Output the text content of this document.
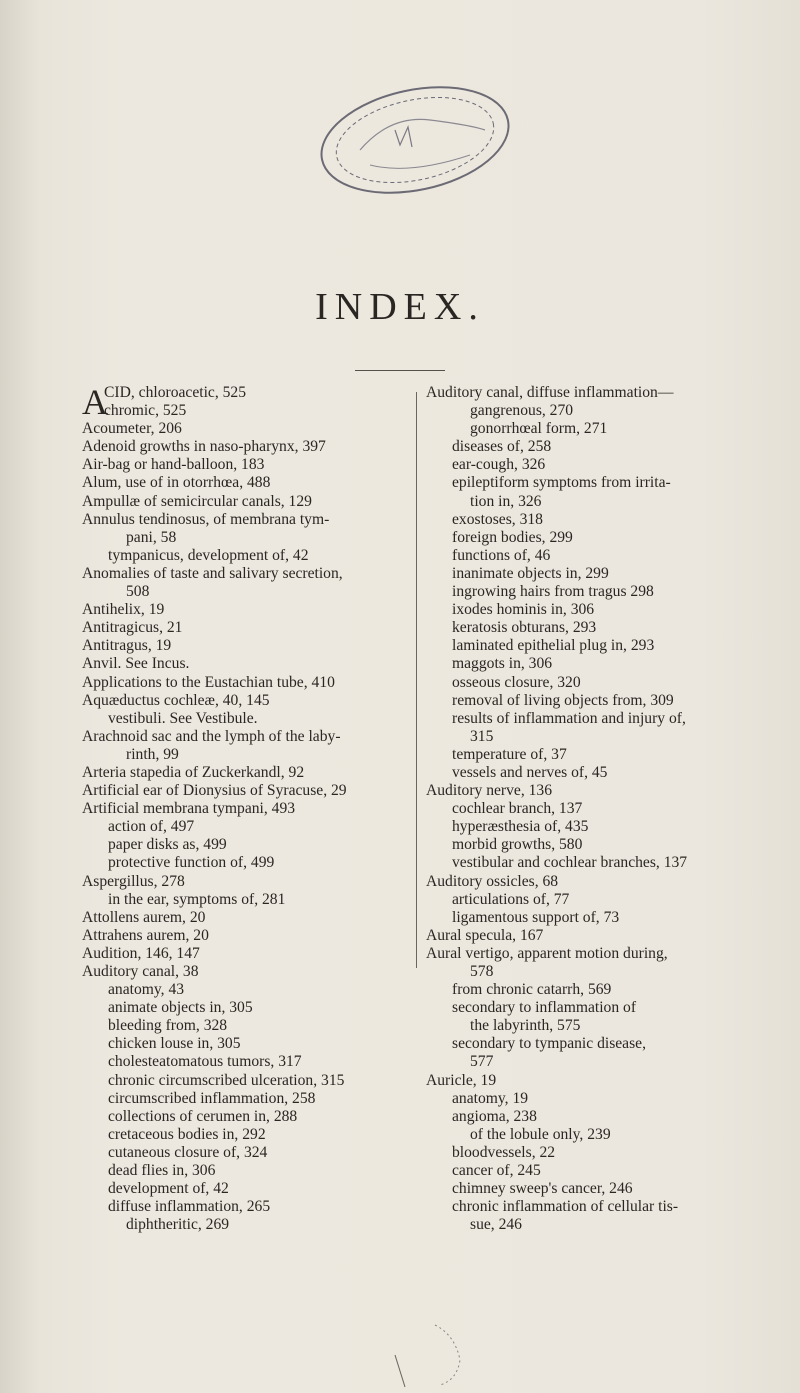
INDEX.
A
CID, chloroacetic, 525
chromic, 525
Acoumeter, 206
Adenoid growths in naso-pharynx, 397
Air-bag or hand-balloon, 183
Alum, use of in otorrhœa, 488
Ampullæ of semicircular canals, 129
Annulus tendinosus, of membrana tym-
pani, 58
tympanicus, development of, 42
Anomalies of taste and salivary secretion,
508
Antihelix, 19
Antitragicus, 21
Antitragus, 19
Anvil. See Incus.
Applications to the Eustachian tube, 410
Aquæductus cochleæ, 40, 145
vestibuli. See Vestibule.
Arachnoid sac and the lymph of the laby-
rinth, 99
Arteria stapedia of Zuckerkandl, 92
Artificial ear of Dionysius of Syracuse, 29
Artificial membrana tympani, 493
action of, 497
paper disks as, 499
protective function of, 499
Aspergillus, 278
in the ear, symptoms of, 281
Attollens aurem, 20
Attrahens aurem, 20
Audition, 146, 147
Auditory canal, 38
anatomy, 43
animate objects in, 305
bleeding from, 328
chicken louse in, 305
cholesteatomatous tumors, 317
chronic circumscribed ulceration, 315
circumscribed inflammation, 258
collections of cerumen in, 288
cretaceous bodies in, 292
cutaneous closure of, 324
dead flies in, 306
development of, 42
diffuse inflammation, 265
diphtheritic, 269
Auditory canal, diffuse inflammation—
gangrenous, 270
gonorrhœal form, 271
diseases of, 258
ear-cough, 326
epileptiform symptoms from irrita-
tion in, 326
exostoses, 318
foreign bodies, 299
functions of, 46
inanimate objects in, 299
ingrowing hairs from tragus 298
ixodes hominis in, 306
keratosis obturans, 293
laminated epithelial plug in, 293
maggots in, 306
osseous closure, 320
removal of living objects from, 309
results of inflammation and injury of,
315
temperature of, 37
vessels and nerves of, 45
Auditory nerve, 136
cochlear branch, 137
hyperæsthesia of, 435
morbid growths, 580
vestibular and cochlear branches, 137
Auditory ossicles, 68
articulations of, 77
ligamentous support of, 73
Aural specula, 167
Aural vertigo, apparent motion during,
578
from chronic catarrh, 569
secondary to inflammation of
the labyrinth, 575
secondary to tympanic disease,
577
Auricle, 19
anatomy, 19
angioma, 238
of the lobule only, 239
bloodvessels, 22
cancer of, 245
chimney sweep's cancer, 246
chronic inflammation of cellular tis-
sue, 246
